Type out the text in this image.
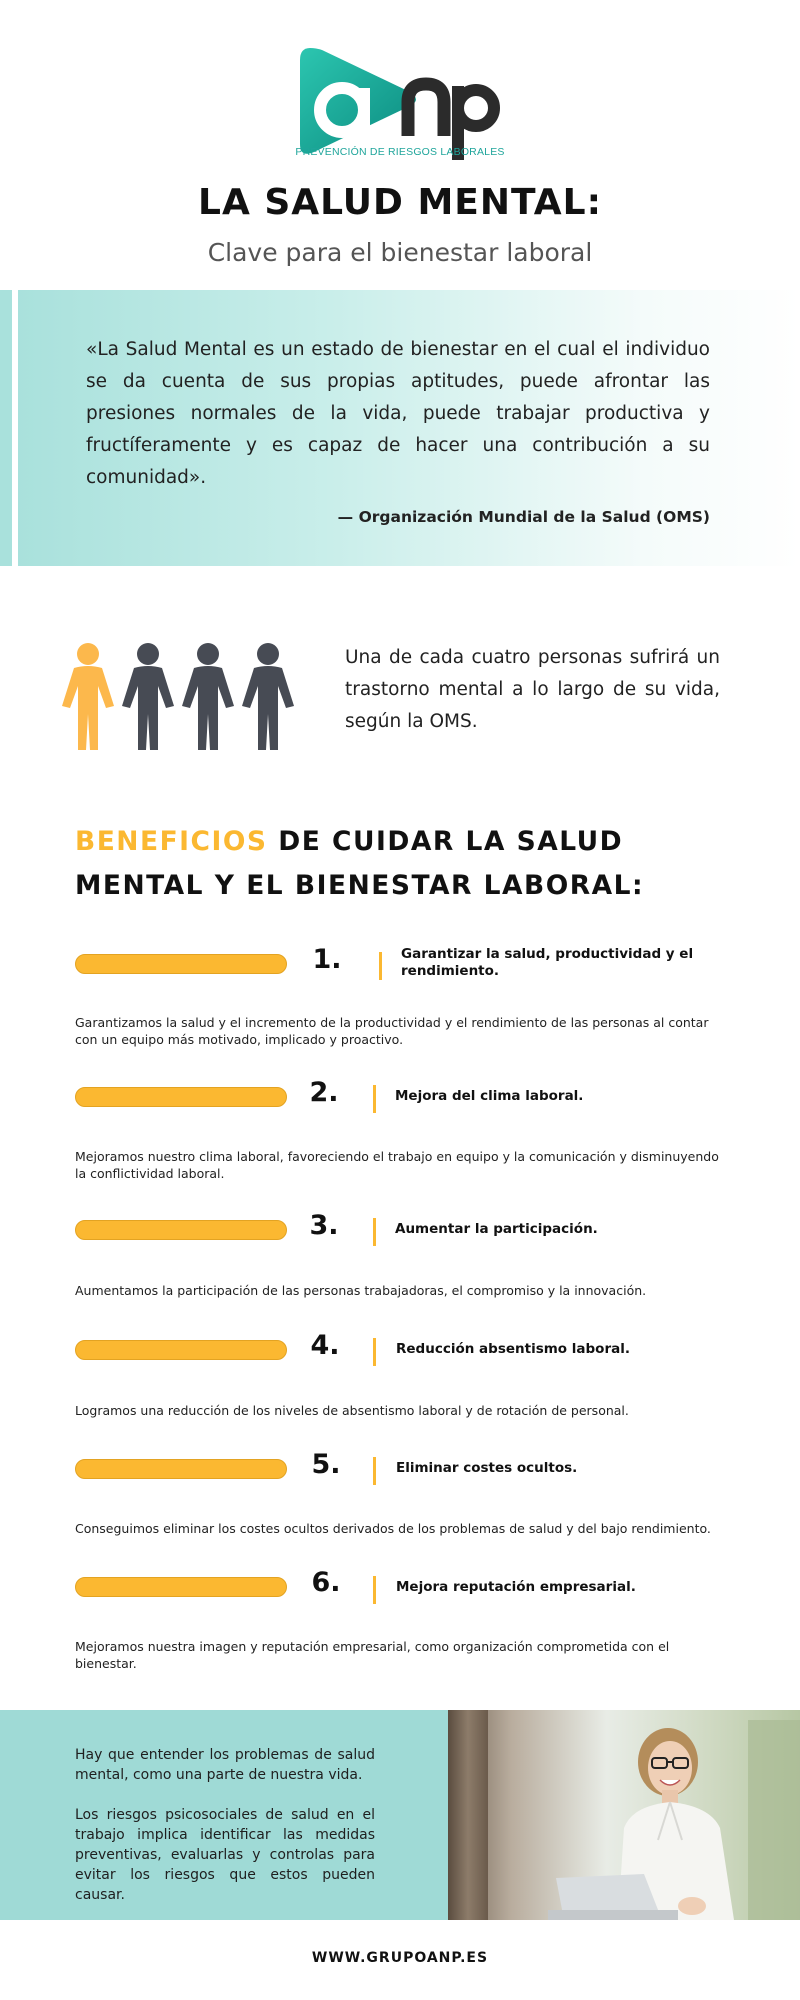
PREVENCIÓN DE RIESGOS LABORALES
LA SALUD MENTAL:
Clave para el bienestar laboral

«La Salud Mental es un estado de bienestar en el cual el individuo se da cuenta de sus propias aptitudes, puede afrontar las presiones normales de la vida, puede trabajar productiva y fructíferamente y es capaz de hacer una contribución a su comunidad».

— Organización Mundial de la Salud (OMS)

Una de cada cuatro personas sufrirá un trastorno mental a lo largo de su vida, según la OMS.

BENEFICIOS DE CUIDAR LA SALUD MENTAL Y EL BIENESTAR LABORAL:
1.	Garantizar la salud, productividad y el rendimiento.

Garantizamos la salud y el incremento de la productividad y el rendimiento de las personas al contar con un equipo más motivado, implicado y proactivo.

2.	Mejora del clima laboral.

Mejoramos nuestro clima laboral, favoreciendo el trabajo en equipo y la comunicación y disminuyendo la conflictividad laboral.

3.	Aumentar la participación.

Aumentamos la participación de las personas trabajadoras, el compromiso y la innovación.

4.	Reducción absentismo laboral.

Logramos una reducción de los niveles de absentismo laboral y de rotación de personal.

5.	Eliminar costes ocultos.

Conseguimos eliminar los costes ocultos derivados de los problemas de salud y del bajo rendimiento.

6.	Mejora reputación empresarial.

Mejoramos nuestra imagen y reputación empresarial, como organización comprometida con el bienestar.

Hay que entender los problemas de salud mental, como una parte de nuestra vida.

Los riesgos psicosociales de salud en el trabajo implica identificar las medidas preventivas, evaluarlas y controlas para evitar los riesgos que estos pueden causar.

WWW.GRUPOANP.ES
